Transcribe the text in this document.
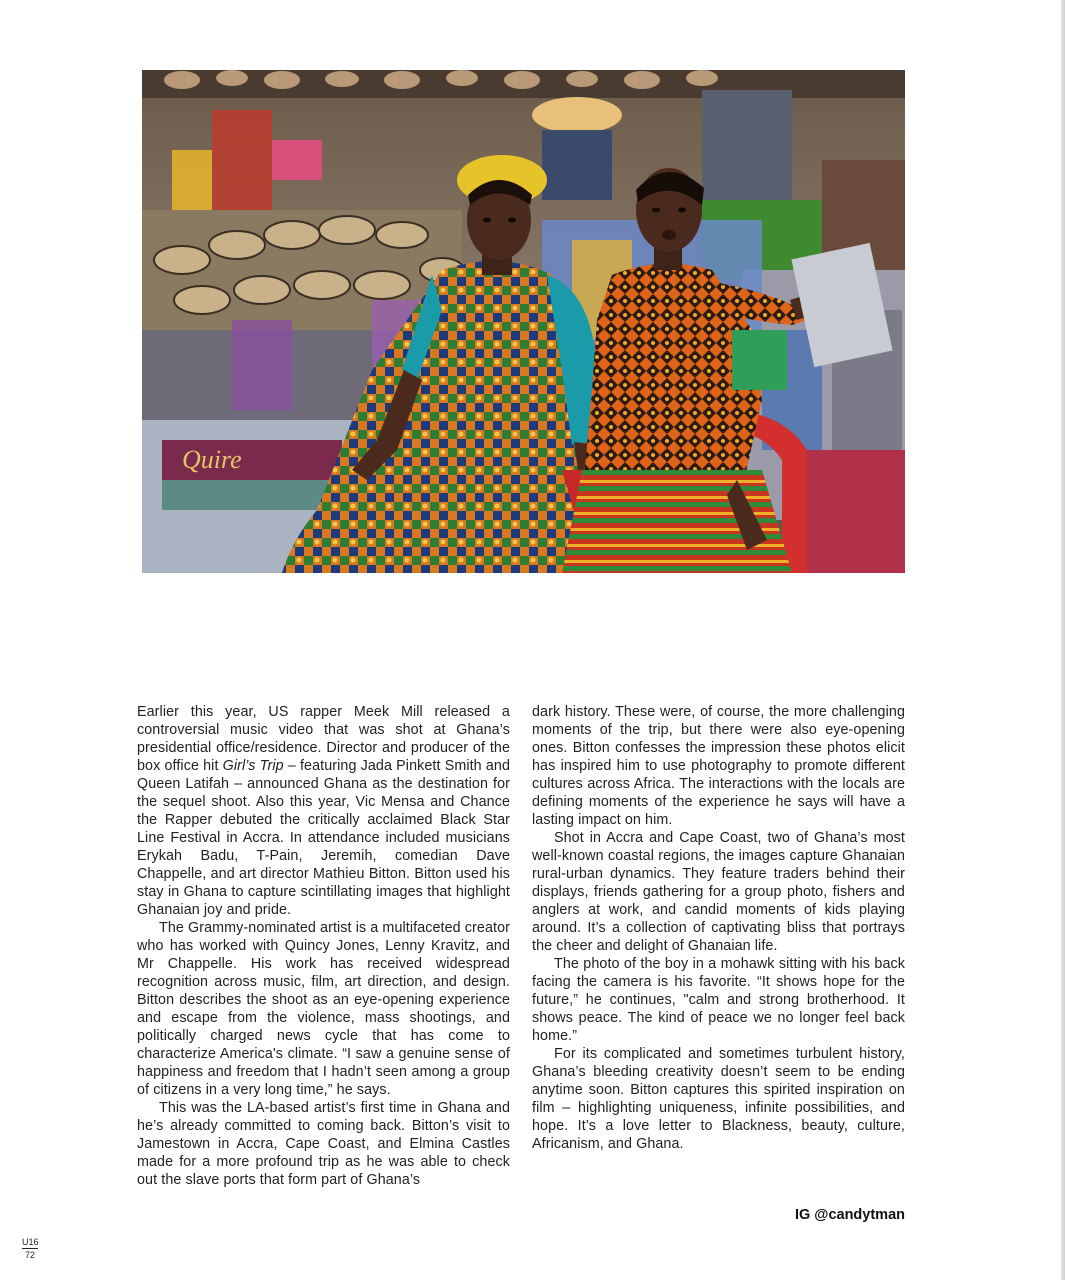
Quire

Earlier this year, US rapper Meek Mill released a controversial music video that was shot at Ghana’s presidential office/residence. Director and producer of the box office hit Girl’s Trip – featuring Jada Pinkett Smith and Queen Latifah – announced Ghana as the destination for the sequel shoot. Also this year, Vic Mensa and Chance the Rapper debuted the critically acclaimed Black Star Line Festival in Accra. In attendance included musicians Erykah Badu, T-Pain, Jeremih, comedian Dave Chappelle, and art director Mathieu Bitton. Bitton used his stay in Ghana to capture scintillating images that highlight Ghanaian joy and pride.

The Grammy-nominated artist is a multifaceted creator who has worked with Quincy Jones, Lenny Kravitz, and Mr Chappelle. His work has received widespread recognition across music, film, art direction, and design. Bitton describes the shoot as an eye-opening experience and escape from the violence, mass shootings, and politically charged news cycle that has come to characterize America's climate. “I saw a genuine sense of happiness and freedom that I hadn’t seen among a group of citizens in a very long time,” he says.

This was the LA-based artist’s first time in Ghana and he’s already committed to coming back. Bitton’s visit to Jamestown in Accra, Cape Coast, and Elmina Castles made for a more profound trip as he was able to check out the slave ports that form part of Ghana’s

dark history. These were, of course, the more challenging moments of the trip, but there were also eye-opening ones. Bitton confesses the impression these photos elicit has inspired him to use photography to promote different cultures across Africa. The interactions with the locals are defining moments of the experience he says will have a lasting impact on him.

Shot in Accra and Cape Coast, two of Ghana’s most well-known coastal regions, the images capture Ghanaian rural-urban dynamics. They feature traders behind their displays, friends gathering for a group photo, fishers and anglers at work, and candid moments of kids playing around. It’s a collection of captivating bliss that portrays the cheer and delight of Ghanaian life.

The photo of the boy in a mohawk sitting with his back facing the camera is his favorite. “It shows hope for the future,” he continues, "calm and strong brotherhood. It shows peace. The kind of peace we no longer feel back home.”

For its complicated and sometimes turbulent history, Ghana’s bleeding creativity doesn’t seem to be ending anytime soon. Bitton captures this spirited inspiration on film – highlighting uniqueness, infinite possibilities, and hope. It’s a love letter to Blackness, beauty, culture, Africanism, and Ghana.

IG @candytman
U16
72
